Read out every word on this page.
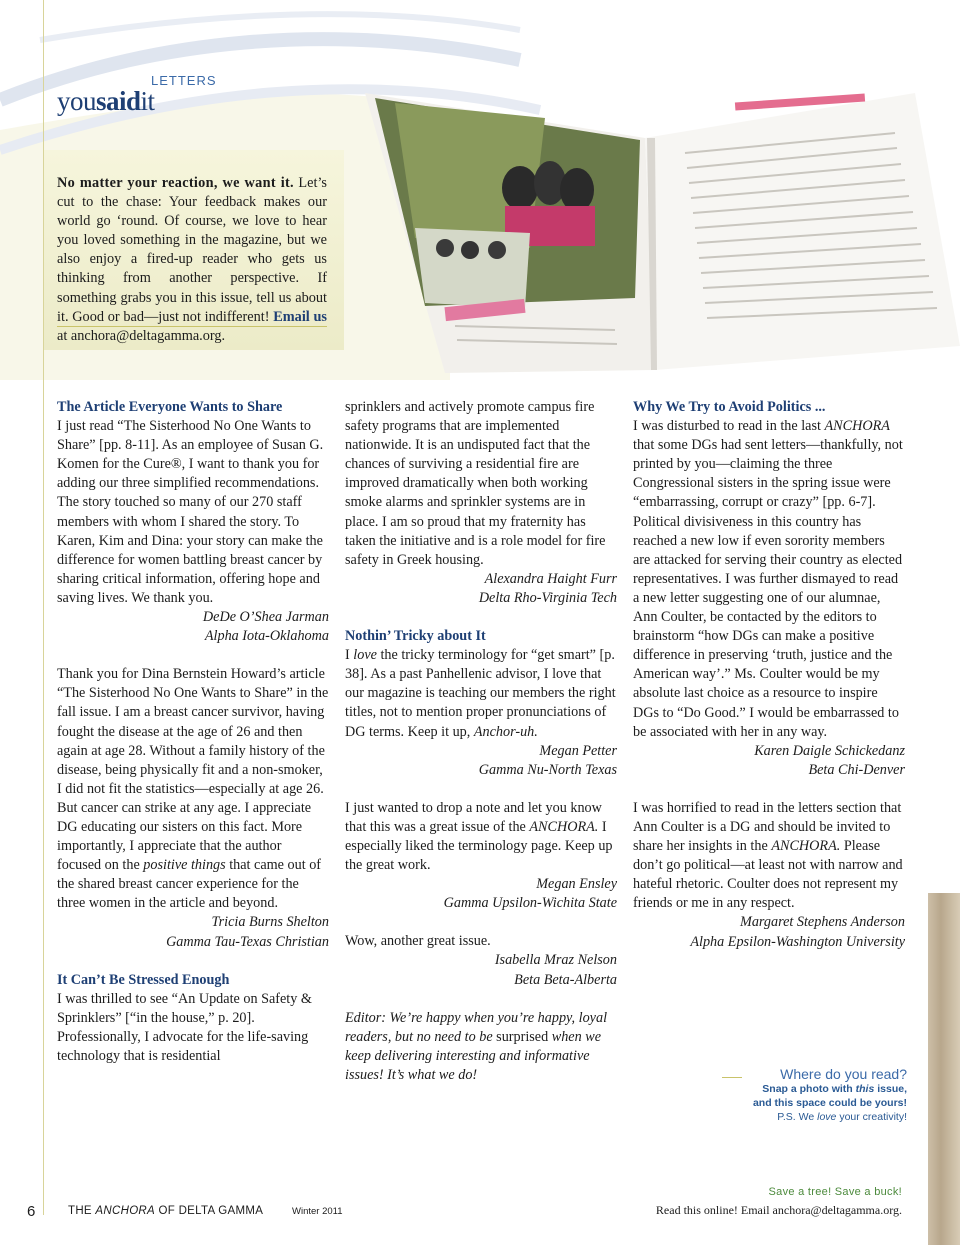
LETTERS
yousaidit
No matter your reaction, we want it. Let’s cut to the chase: Your feedback makes our world go ‘round. Of course, we love to hear you loved something in the magazine, but we also enjoy a fired-up reader who gets us thinking from another perspective. If something grabs you in this issue, tell us about it. Good or bad—just not indifferent! Email us at anchora@deltagamma.org.

The Article Everyone Wants to Share

I just read “The Sisterhood No One Wants to Share” [pp. 8-11]. As an employee of Susan G. Komen for the Cure®, I want to thank you for adding our three simplified recommendations. The story touched so many of our 270 staff members with whom I shared the story. To Karen, Kim and Dina: your story can make the difference for women battling breast cancer by sharing critical information, offering hope and saving lives. We thank you.

DeDe O’Shea Jarman

Alpha Iota-Oklahoma

Thank you for Dina Bernstein Howard’s article “The Sisterhood No One Wants to Share” in the fall issue. I am a breast cancer survivor, having fought the disease at the age of 26 and then again at age 28. Without a family history of the disease, being physically fit and a non-smoker, I did not fit the statistics—especially at age 26. But cancer can strike at any age. I appreciate DG educating our sisters on this fact. More importantly, I appreciate that the author focused on the positive things that came out of the shared breast cancer experience for the three women in the article and beyond.

Tricia Burns Shelton

Gamma Tau-Texas Christian

It Can’t Be Stressed Enough

I was thrilled to see “An Update on Safety & Sprinklers” [“in the house,” p. 20]. Professionally, I advocate for the life-saving technology that is residential

sprinklers and actively promote campus fire safety programs that are implemented nationwide. It is an undisputed fact that the chances of surviving a residential fire are improved dramatically when both working smoke alarms and sprinkler systems are in place. I am so proud that my fraternity has taken the initiative and is a role model for fire safety in Greek housing.

Alexandra Haight Furr

Delta Rho-Virginia Tech

Nothin’ Tricky about It

I love the tricky terminology for “get smart” [p. 38]. As a past Panhellenic advisor, I love that our magazine is teaching our members the right titles, not to mention proper pronunciations of DG terms. Keep it up, Anchor-uh.

Megan Petter

Gamma Nu-North Texas

I just wanted to drop a note and let you know that this was a great issue of the ANCHORA. I especially liked the terminology page. Keep up the great work.

Megan Ensley

Gamma Upsilon-Wichita State

Wow, another great issue.

Isabella Mraz Nelson

Beta Beta-Alberta

Editor: We’re happy when you’re happy, loyal readers, but no need to be surprised when we keep delivering interesting and informative issues! It’s what we do!

Why We Try to Avoid Politics ...

I was disturbed to read in the last ANCHORA that some DGs had sent letters—thankfully, not printed by you—claiming the three Congressional sisters in the spring issue were “embarrassing, corrupt or crazy” [pp. 6-7]. Political divisiveness in this country has reached a new low if even sorority members are attacked for serving their country as elected representatives. I was further dismayed to read a new letter suggesting one of our alumnae, Ann Coulter, be contacted by the editors to brainstorm “how DGs can make a positive difference in preserving ‘truth, justice and the American way’.” Ms. Coulter would be my absolute last choice as a resource to inspire DGs to “Do Good.” I would be embarrassed to be associated with her in any way.

Karen Daigle Schickedanz

Beta Chi-Denver

I was horrified to read in the letters section that Ann Coulter is a DG and should be invited to share her insights in the ANCHORA. Please don’t go political—at least not with narrow and hateful rhetoric. Coulter does not represent my friends or me in any respect.

Margaret Stephens Anderson

Alpha Epsilon-Washington University

Where do you read?
Snap a photo with this issue,
and this space could be yours!
P.S. We love your creativity!
6	THE ANCHORA OF DELTA GAMMA	Winter 2011
Save a tree! Save a buck!
Read this online! Email anchora@deltagamma.org.
